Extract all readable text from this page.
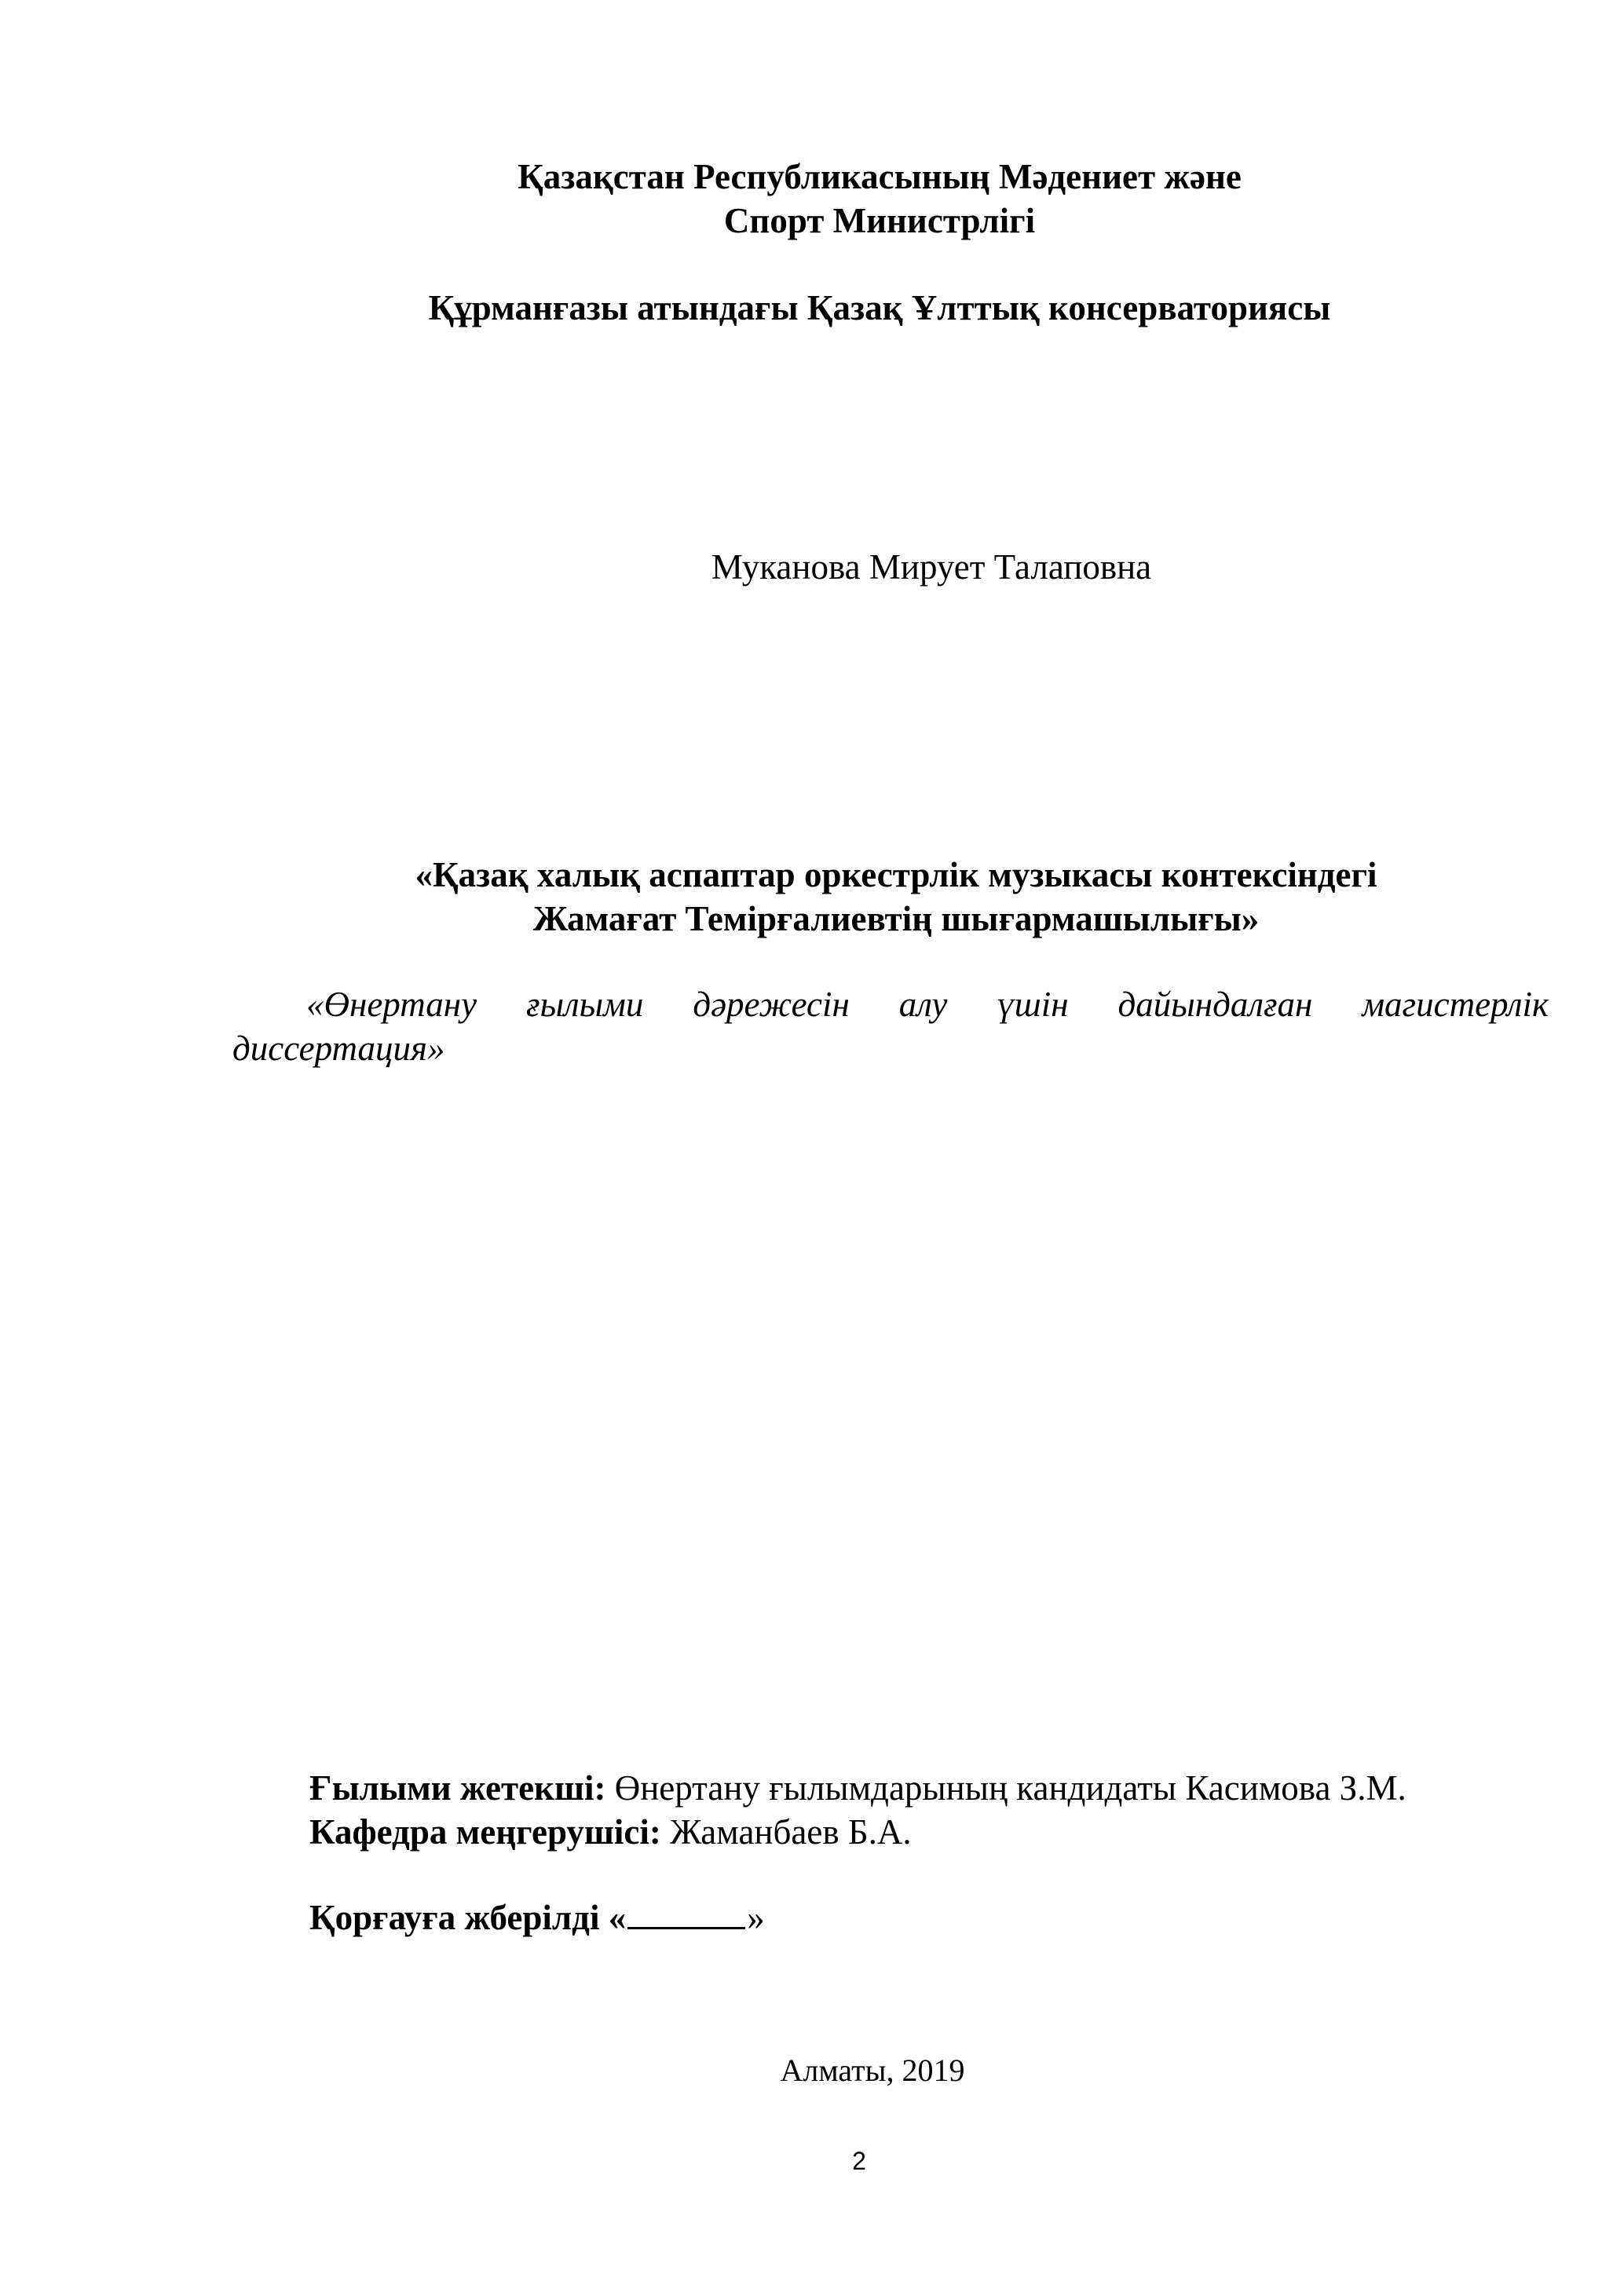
Қазақстан Республикасының Мәдениет және
Спорт Министрлігі
Құрманғазы атындағы Қазақ Ұлттық консерваториясы
Муканова Мирует Талаповна
«Қазақ халық аспаптар оркестрлік музыкасы контексіндегі
Жамағат Темірғалиевтің шығармашылығы»
«Өнертану ғылыми дәрежесін алу үшін дайындалған магистерлік
диссертация»
Ғылыми жетекші: Өнертану ғылымдарының кандидаты Касимова З.М.
Кафедра меңгерушісі: Жаманбаев Б.А.
Қорғауға жберілді «	»
Алматы, 2019
2
